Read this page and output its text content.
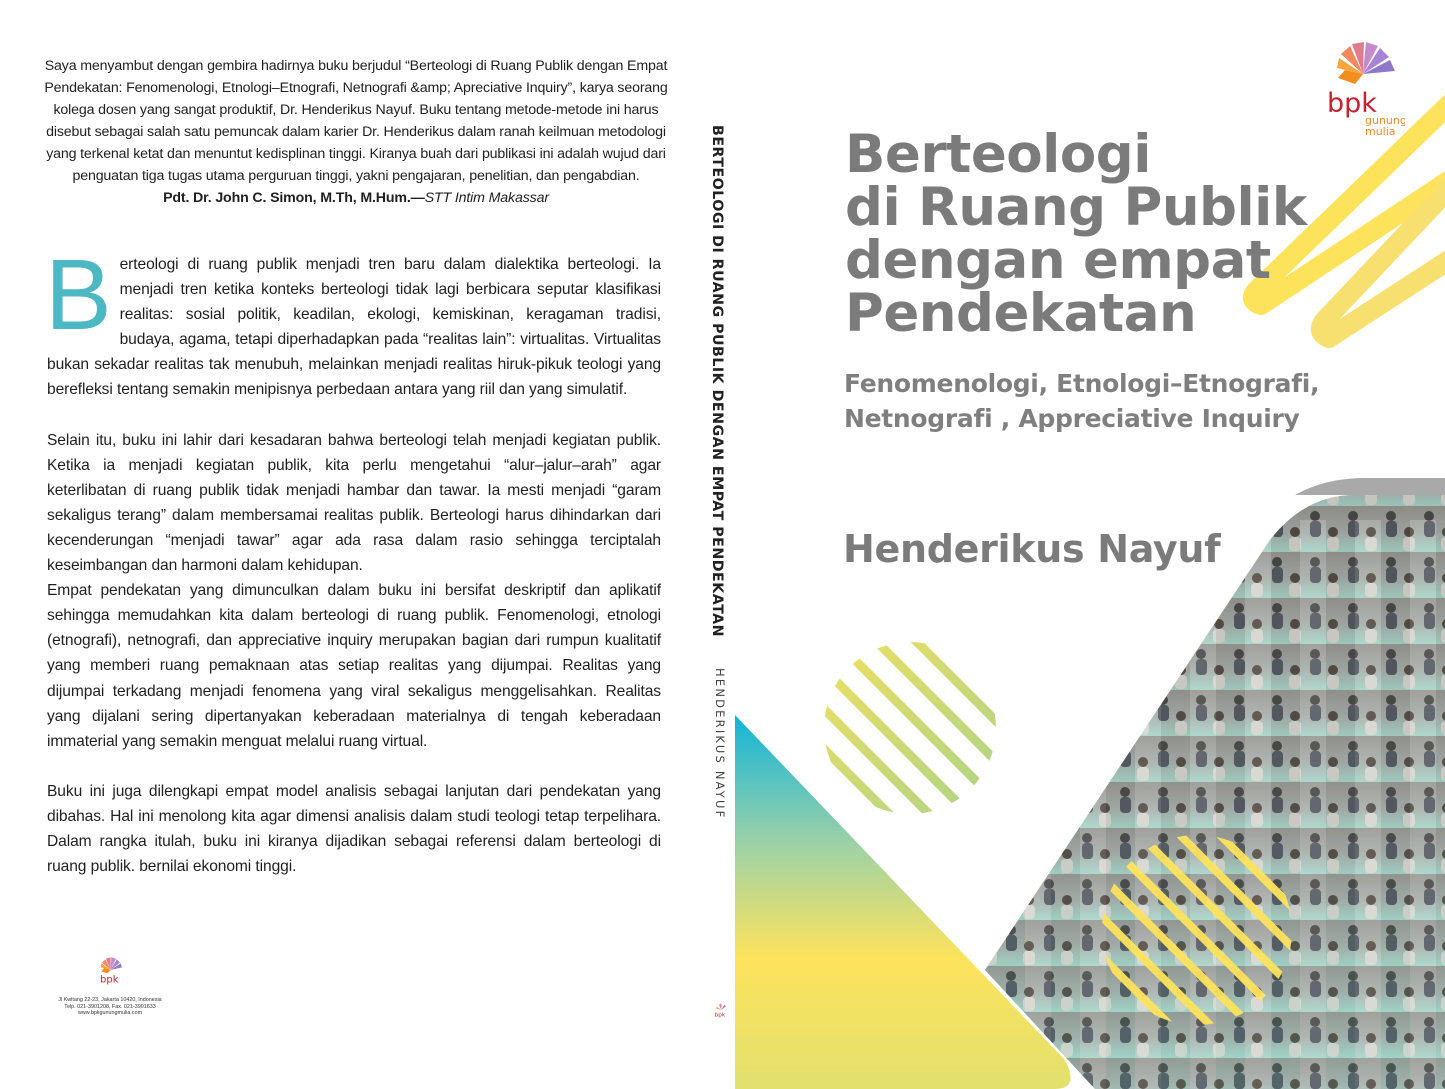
Saya menyambut dengan gembira hadirnya buku berjudul “Berteologi di Ruang Publik dengan Empat Pendekatan: Fenomenologi, Etnologi–Etnografi, Netnografi &amp; Apreciative Inquiry”, karya seorang kolega dosen yang sangat produktif, Dr. Henderikus Nayuf. Buku tentang metode-metode ini harus disebut sebagai salah satu pemuncak dalam karier Dr. Henderikus dalam ranah keilmuan metodologi yang terkenal ketat dan menuntut kedisplinan tinggi. Kiranya buah dari publikasi ini adalah wujud dari penguatan tiga tugas utama perguruan tinggi, yakni pengajaran, penelitian, dan pengabdian.
Pdt. Dr. John C. Simon, M.Th, M.Hum.—STT Intim Makassar

Berteologi di ruang publik menjadi tren baru dalam dialektika berteologi. Ia menjadi tren ketika konteks berteologi tidak lagi berbicara seputar klasifikasi realitas: sosial politik, keadilan, ekologi, kemiskinan, keragaman tradisi, budaya, agama, tetapi diperhadapkan pada “realitas lain”: virtualitas. Virtualitas bukan sekadar realitas tak menubuh, melainkan menjadi realitas hiruk-pikuk teologi yang berefleksi tentang semakin menipisnya perbedaan antara yang riil dan yang simulatif.

Selain itu, buku ini lahir dari kesadaran bahwa berteologi telah menjadi kegiatan publik. Ketika ia menjadi kegiatan publik, kita perlu mengetahui “alur–jalur–arah” agar keterlibatan di ruang publik tidak menjadi hambar dan tawar. Ia mesti menjadi “garam sekaligus terang” dalam membersamai realitas publik. Berteologi harus dihindarkan dari kecenderungan “menjadi tawar” agar ada rasa dalam rasio sehingga terciptalah keseimbangan dan harmoni dalam kehidupan.

Empat pendekatan yang dimunculkan dalam buku ini bersifat deskriptif dan aplikatif sehingga memudahkan kita dalam berteologi di ruang publik. Fenomenologi, etnologi (etnografi), netnografi, dan appreciative inquiry merupakan bagian dari rumpun kualitatif yang memberi ruang pemaknaan atas setiap realitas yang dijumpai. Realitas yang dijumpai terkadang menjadi fenomena yang viral sekaligus menggelisahkan. Realitas yang dijalani sering dipertanyakan keberadaan materialnya di tengah keberadaan immaterial yang semakin menguat melalui ruang virtual.

Buku ini juga dilengkapi empat model analisis sebagai lanjutan dari pendekatan yang dibahas. Hal ini menolong kita agar dimensi analisis dalam studi teologi tetap terpelihara. Dalam rangka itulah, buku ini kiranya dijadikan sebagai referensi dalam berteologi di ruang publik. bernilai ekonomi tinggi.

bpk
Jl Kwitang 22-23, Jakarta 10420, Indonesia
Telp. 021-3901208, Fax. 021-3901633
www.bpkgunungmulia.com
BERTEOLOGI DI RUANG PUBLIK DENGAN EMPAT PENDEKATAN
HENDERIKUS NAYUF
bpk
bpk
gunung
mulia
Berteologi
di Ruang Publik
dengan empat
Pendekatan
Fenomenologi, Etnologi–Etnografi,
Netnografi , Appreciative Inquiry
Henderikus Nayuf
